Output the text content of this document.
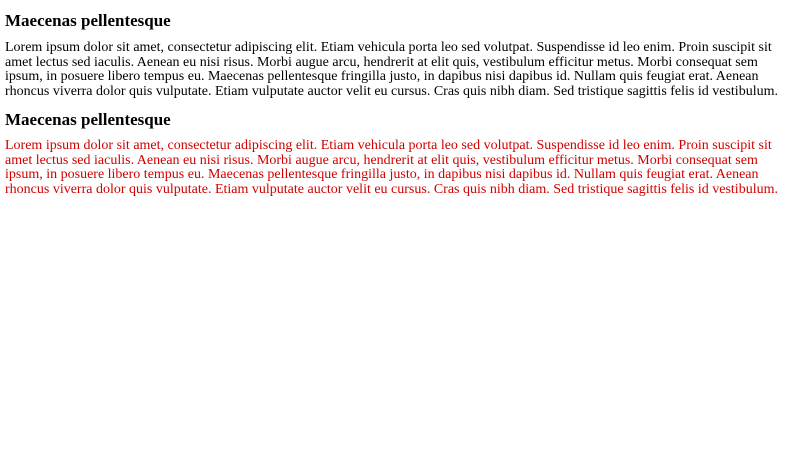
Maecenas pellentesque

Lorem ipsum dolor sit amet, consectetur adipiscing elit. Etiam vehicula porta leo sed volutpat. Suspendisse id leo enim. Proin suscipit sit amet lectus sed iaculis. Aenean eu nisi risus. Morbi augue arcu, hendrerit at elit quis, vestibulum efficitur metus. Morbi consequat sem ipsum, in posuere libero tempus eu. Maecenas pellentesque fringilla justo, in dapibus nisi dapibus id. Nullam quis feugiat erat. Aenean rhoncus viverra dolor quis vulputate. Etiam vulputate auctor velit eu cursus. Cras quis nibh diam. Sed tristique sagittis felis id vestibulum.

Maecenas pellentesque

Lorem ipsum dolor sit amet, consectetur adipiscing elit. Etiam vehicula porta leo sed volutpat. Suspendisse id leo enim. Proin suscipit sit amet lectus sed iaculis. Aenean eu nisi risus. Morbi augue arcu, hendrerit at elit quis, vestibulum efficitur metus. Morbi consequat sem ipsum, in posuere libero tempus eu. Maecenas pellentesque fringilla justo, in dapibus nisi dapibus id. Nullam quis feugiat erat. Aenean rhoncus viverra dolor quis vulputate. Etiam vulputate auctor velit eu cursus. Cras quis nibh diam. Sed tristique sagittis felis id vestibulum.
